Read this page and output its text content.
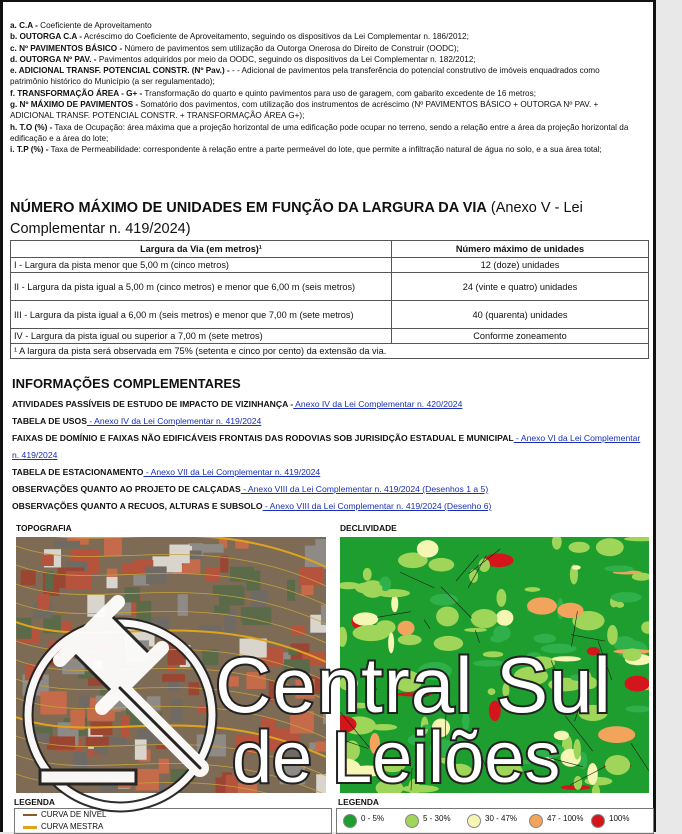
a. C.A - Coeficiente de Aproveitamento

b. OUTORGA C.A - Acréscimo do Coeficiente de Aproveitamento, seguindo os dispositivos da Lei Complementar n. 186/2012;

c. Nº PAVIMENTOS BÁSICO - Número de pavimentos sem utilização da Outorga Onerosa do Direito de Construir (OODC);

d. OUTORGA Nº PAV. - Pavimentos adquiridos por meio da OODC, seguindo os dispositivos da Lei Complementar n. 182/2012;

e. ADICIONAL TRANSF. POTENCIAL CONSTR. (Nº Pav.) - - - Adicional de pavimentos pela transferência do potencial construtivo de imóveis enquadrados como patrimônio histórico do Município (a ser regulamentado);

f. TRANSFORMAÇÃO ÁREA - G+ - Transformação do quarto e quinto pavimentos para uso de garagem, com gabarito excedente de 16 metros;

g. Nº MÁXIMO DE PAVIMENTOS - Somatório dos pavimentos, com utilização dos instrumentos de acréscimo (Nº PAVIMENTOS BÁSICO + OUTORGA Nº PAV. + ADICIONAL TRANSF. POTENCIAL CONSTR. + TRANSFORMAÇÃO ÁREA G+);

h. T.O (%) - Taxa de Ocupação: área máxima que a projeção horizontal de uma edificação pode ocupar no terreno, sendo a relação entre a área da projeção horizontal da edificação e a área do lote;

i. T.P (%) - Taxa de Permeabilidade: correspondente à relação entre a parte permeável do lote, que permite a infiltração natural de água no solo, e a sua área total;

NÚMERO MÁXIMO DE UNIDADES EM FUNÇÃO DA LARGURA DA VIA (Anexo V - Lei Complementar n. 419/2024)
Largura da Via (em metros)¹	Número máximo de unidades
I - Largura da pista menor que 5,00 m (cinco metros)	12 (doze) unidades
II - Largura da pista igual a 5,00 m (cinco metros) e menor que 6,00 m (seis metros)	24 (vinte e quatro) unidades
III - Largura da pista igual a 6,00 m (seis metros) e menor que 7,00 m (sete metros)	40 (quarenta) unidades
IV - Largura da pista igual ou superior a 7,00 m (sete metros)	Conforme zoneamento
¹ A largura da pista será observada em 75% (setenta e cinco por cento) da extensão da via.	
INFORMAÇÕES COMPLEMENTARES
ATIVIDADES PASSÍVEIS DE ESTUDO DE IMPACTO DE VIZINHANÇA - Anexo IV da Lei Complementar n. 420/2024
TABELA DE USOS - Anexo IV da Lei Complementar n. 419/2024
FAIXAS DE DOMÍNIO E FAIXAS NÃO EDIFICÁVEIS FRONTAIS DAS RODOVIAS SOB JURISIDÇÃO ESTADUAL E MUNICIPAL - Anexo VI da Lei Complementar n. 419/2024
TABELA DE ESTACIONAMENTO - Anexo VII da Lei Complementar n. 419/2024
OBSERVAÇÕES QUANTO AO PROJETO DE CALÇADAS - Anexo VIII da Lei Complementar n. 419/2024 (Desenhos 1 a 5)
OBSERVAÇÕES QUANTO A RECUOS, ALTURAS E SUBSOLO - Anexo VIII da Lei Complementar n. 419/2024 (Desenho 6)
TOPOGRAFIA	DECLIVIDADE
LEGENDA
CURVA DE NÍVEL
CURVA MESTRA
LEGENDA
0 - 5%	5 - 30%	30 - 47%	47 - 100%	100%
Central Sul
de Leilões
